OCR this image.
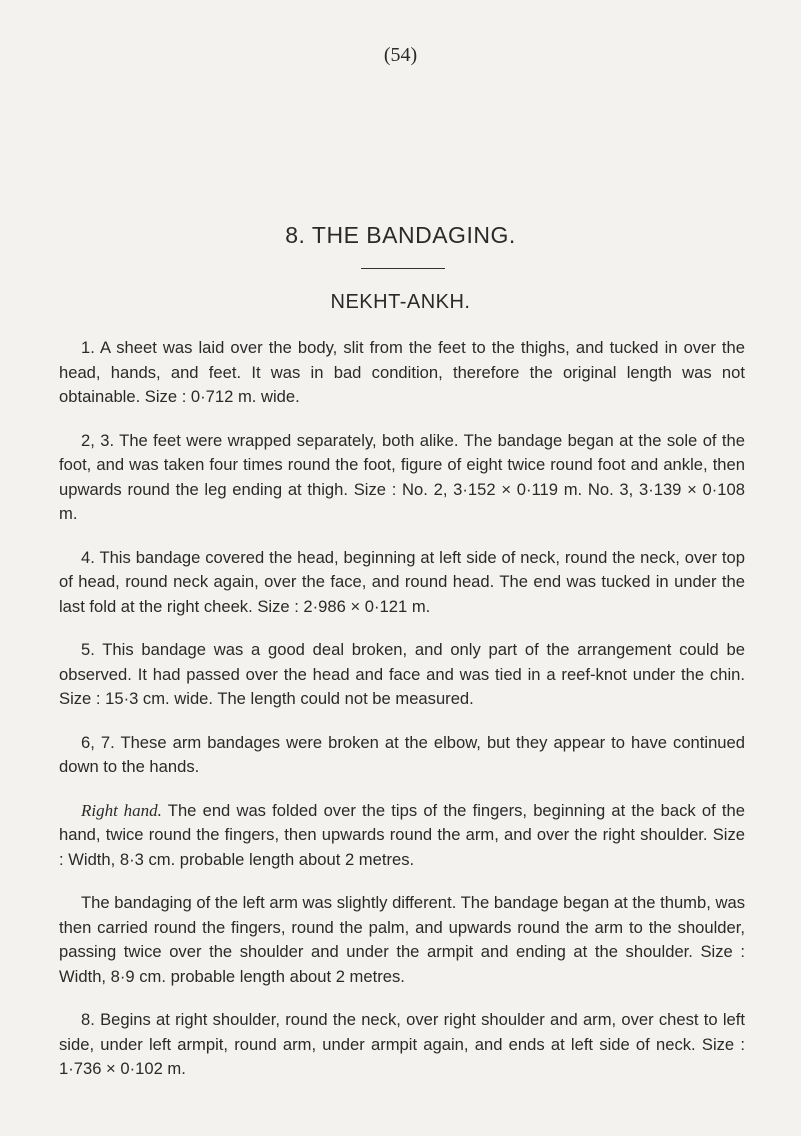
(54)
8. THE BANDAGING.
NEKHT-ANKH.

1. A sheet was laid over the body, slit from the feet to the thighs, and tucked in over the head, hands, and feet. It was in bad condition, therefore the original length was not obtainable. Size : 0·712 m. wide.

2, 3. The feet were wrapped separately, both alike. The bandage began at the sole of the foot, and was taken four times round the foot, figure of eight twice round foot and ankle, then upwards round the leg ending at thigh. Size : No. 2, 3·152 × 0·119 m. No. 3, 3·139 × 0·108 m.

4. This bandage covered the head, beginning at left side of neck, round the neck, over top of head, round neck again, over the face, and round head. The end was tucked in under the last fold at the right cheek. Size : 2·986 × 0·121 m.

5. This bandage was a good deal broken, and only part of the arrangement could be observed. It had passed over the head and face and was tied in a reef-knot under the chin. Size : 15·3 cm. wide. The length could not be measured.

6, 7. These arm bandages were broken at the elbow, but they appear to have continued down to the hands.

Right hand. The end was folded over the tips of the fingers, beginning at the back of the hand, twice round the fingers, then upwards round the arm, and over the right shoulder. Size : Width, 8·3 cm. probable length about 2 metres.

The bandaging of the left arm was slightly different. The bandage began at the thumb, was then carried round the fingers, round the palm, and upwards round the arm to the shoulder, passing twice over the shoulder and under the armpit and ending at the shoulder. Size : Width, 8·9 cm. probable length about 2 metres.

8. Begins at right shoulder, round the neck, over right shoulder and arm, over chest to left side, under left armpit, round arm, under armpit again, and ends at left side of neck. Size : 1·736 × 0·102 m.
